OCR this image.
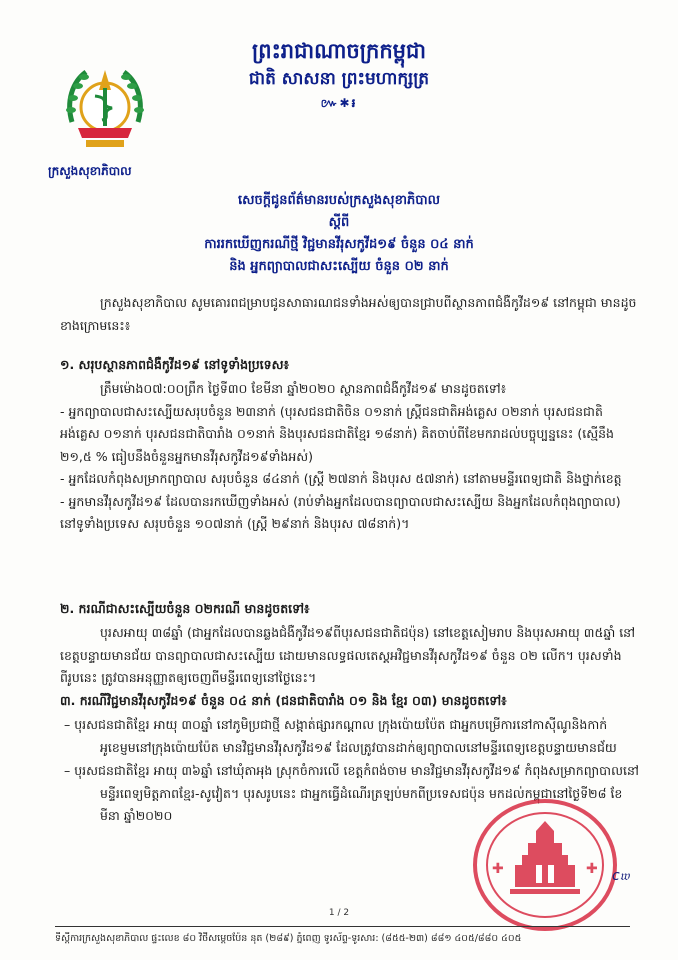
ព្រះរាជាណាចក្រកម្ពុជា
ជាតិ សាសនា ព្រះមហាក្សត្រ
៚✱៛
ក្រសួងសុខាភិបាល
សេចក្តីជូនព័ត៌មានរបស់ក្រសួងសុខាភិបាល
ស្តីពី
ការរកឃើញករណីថ្មី វិជ្ជមានវីរុសកូវីដ១៩ ចំនួន ០៤ នាក់
និង អ្នកព្យាបាលជាសះស្បើយ ចំនួន ០២ នាក់
ក្រសួងសុខាភិបាល សូមគោរពជម្រាបជូនសាធារណជនទាំងអស់ឲ្យបានជ្រាបពីស្ថានភាពជំងឺកូវីដ១៩ នៅកម្ពុជា មានដូចខាងក្រោមនេះ៖
១. សរុបស្ថានភាពជំងឺកូវីដ១៩ នៅទូទាំងប្រទេស៖

ត្រឹមម៉ោង០៧:០០ព្រឹក ថ្ងៃទី៣០ ខែមីនា ឆ្នាំ២០២០ ស្ថានភាពជំងឺកូវីដ១៩ មានដូចតទៅ៖

- អ្នកព្យាបាលជាសះស្បើយសរុបចំនួន ២៣នាក់ (បុរសជនជាតិចិន ០១នាក់ ស្ត្រីជនជាតិអង់គ្លេស ០២នាក់ បុរសជនជាតិអង់គ្លេស ០១នាក់ បុរសជនជាតិបារាំង ០១នាក់ និងបុរសជនជាតិខ្មែរ ១៨នាក់) គិតចាប់ពីខែមករាដល់បច្ចុប្បន្ននេះ (ស្មើនឹង ២១,៥ % ធៀបនឹងចំនួនអ្នកមានវីរុសកូវីដ១៩ទាំងអស់)

- អ្នកដែលកំពុងសម្រាកព្យាបាល សរុបចំនួន ៨៤នាក់ (ស្ត្រី ២៧នាក់ និងបុរស ៥៧នាក់) នៅតាមមន្ទីរពេទ្យជាតិ និងថ្នាក់ខេត្ត

- អ្នកមានវីរុសកូវីដ១៩ ដែលបានរកឃើញទាំងអស់ (រាប់ទាំងអ្នកដែលបានព្យាបាលជាសះស្បើយ និងអ្នកដែលកំពុងព្យាបាល) នៅទូទាំងប្រទេស សរុបចំនួន ១០៧នាក់ (ស្ត្រី ២៩នាក់ និងបុរស ៧៨នាក់)។

២. ករណីជាសះស្បើយចំនួន ០២ករណី មានដូចតទៅ៖
បុរសអាយុ ៣៨ឆ្នាំ (ជាអ្នកដែលបានឆ្លងជំងឺកូវីដ១៩ពីបុរសជនជាតិជប៉ុន) នៅខេត្តសៀមរាប និងបុរសអាយុ ៣៥ឆ្នាំ នៅខេត្តបន្ទាយមានជ័យ បានព្យាបាលជាសះស្បើយ ដោយមានលទ្ធផលតេស្តអវិជ្ជមានវីរុសកូវីដ១៩ ចំនួន ០២ លើក។ បុរសទាំងពីរូបនេះ ត្រូវបានអនុញ្ញាតឲ្យចេញពីមន្ទីរពេទ្យនៅថ្ងៃនេះ។
៣. ករណីវិជ្ជមានវីរុសកូវីដ១៩ ចំនួន ០៤ នាក់ (ជនជាតិបារាំង ០១ និង ខ្មែរ ០៣) មានដូចតទៅ៖

– បុរសជនជាតិខ្មែរ អាយុ ៣០ឆ្នាំ នៅភូមិប្រជាថ្មី សង្កាត់ផ្សារកណ្តាល ក្រុងប៉ោយប៉ែត ជាអ្នកបម្រើការនៅកាស៊ីណូនិងកាក់អូខេម្ញមនៅក្រុងប៉ោយប៉ែត មានវិជ្ជមានវីរុសកូវីដ១៩ ដែលត្រូវបានដាក់ឲ្យព្យាបាលនៅមន្ទីរពេទ្យខេត្តបន្ទាយមានជ័យ

– បុរសជនជាតិខ្មែរ អាយុ ៣៦ឆ្នាំ នៅឃុំតាអុង ស្រុកចំការលើ ខេត្តកំពង់ចាម មានវិជ្ជមានវីរុសកូវីដ១៩ កំពុងសម្រាកព្យាបាលនៅមន្ទីរពេទ្យមិត្តភាពខ្មែរ-សូវៀត។ បុរសរូបនេះ ជាអ្នកធ្វើដំណើរត្រឡប់មកពីប្រទេសជប៉ុន មកដល់កម្ពុជានៅថ្ងៃទី២៨ ខែមីនា ឆ្នាំ២០២០

✚	✚ ᴄ𝔴
1 / 2
ទីស្តីការក្រសួងសុខាភិបាល ផ្ទះលេខ ៨០ វិថីសម្តេចប៉ែន នុត (២៨៩) ភ្នំពេញ ទូរស័ព្ទ-ទូរសារ: (៨៥៥-២៣) ៨៨១ ៤០៥/៨៨០ ៤០៥
